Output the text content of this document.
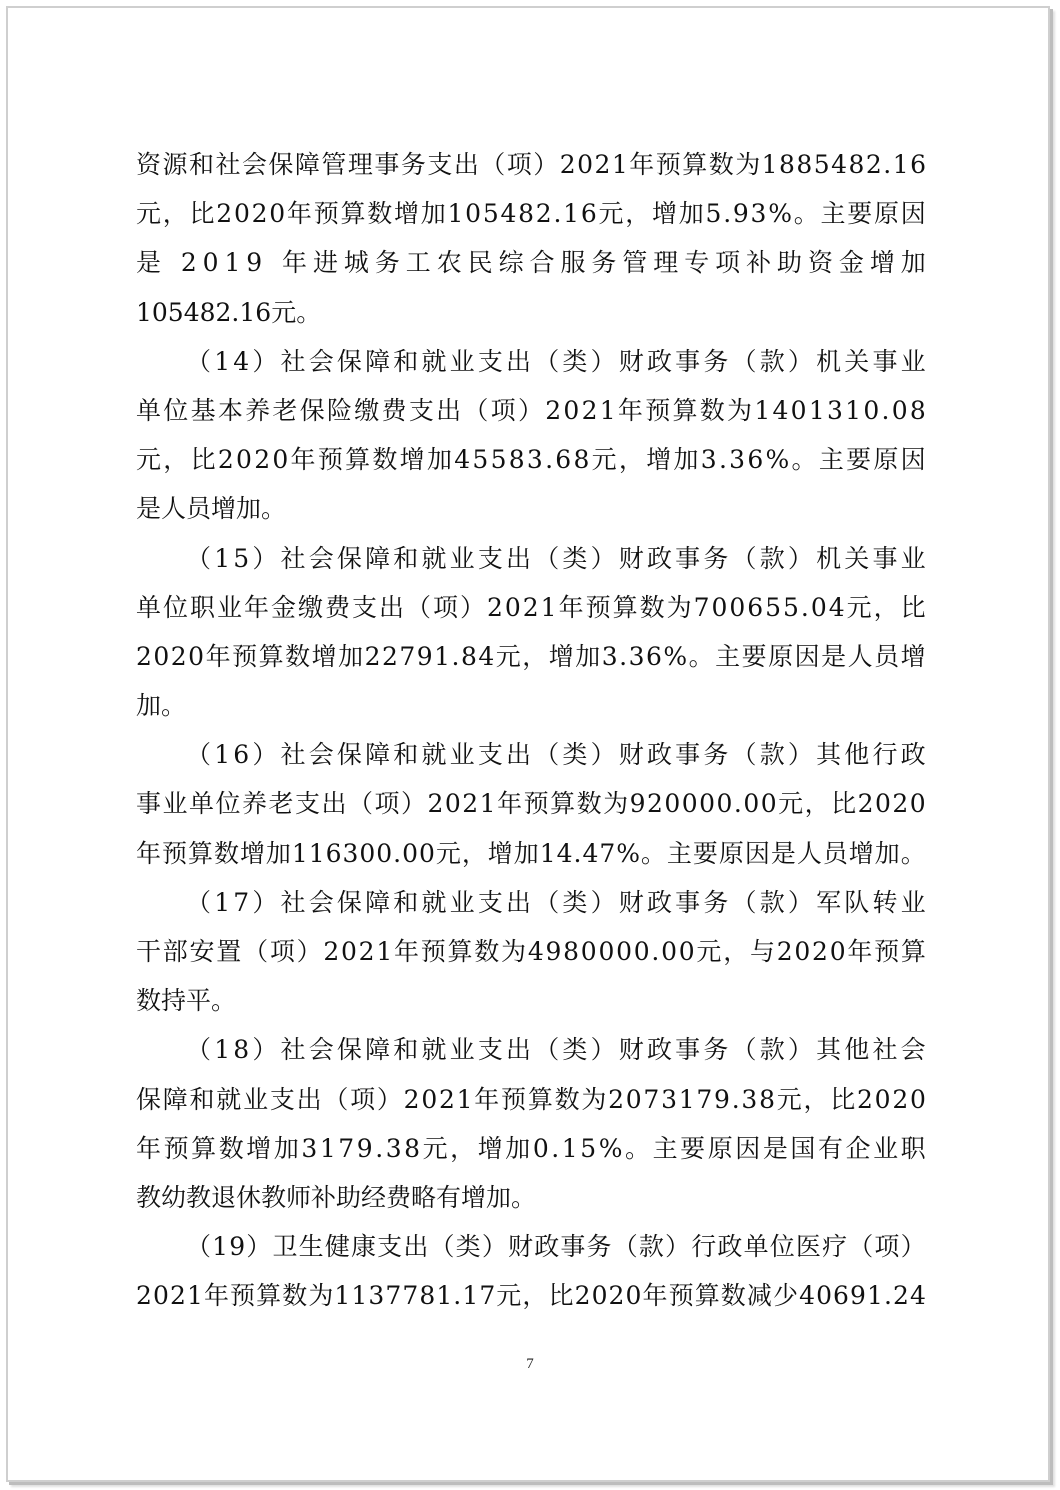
资 源 和 社 会 保 障 管 理 事 务 支 出 （ 项 ） 2 0 2 1 年 预 算 数 为 1 8 8 5 4 8 2 . 1 6
元 ， 比 2 0 2 0 年 预 算 数 增 加 1 0 5 4 8 2 . 1 6 元 ， 增 加 5 . 9 3 % 。 主 要 原 因
是
2 0 1 9
年 进 城 务 工 农 民 综 合 服 务 管 理 专 项 补 助 资 金 增 加
105482.16元。
（ 1 4 ） 社 会 保 障 和 就 业 支 出 （ 类 ） 财 政 事 务 （ 款 ） 机 关 事 业
单 位 基 本 养 老 保 险 缴 费 支 出 （ 项 ） 2 0 2 1 年 预 算 数 为 1 4 0 1 3 1 0 . 0 8
元 ， 比 2 0 2 0 年 预 算 数 增 加 4 5 5 8 3 . 6 8 元 ， 增 加 3 . 3 6 % 。 主 要 原 因
是人员增加。
（ 1 5 ） 社 会 保 障 和 就 业 支 出 （ 类 ） 财 政 事 务 （ 款 ） 机 关 事 业
单 位 职 业 年 金 缴 费 支 出 （ 项 ） 2 0 2 1 年 预 算 数 为 7 0 0 6 5 5 . 0 4 元 ， 比
2 0 2 0 年 预 算 数 增 加 2 2 7 9 1 . 8 4 元 ， 增 加 3 . 3 6 % 。 主 要 原 因 是 人 员 增
加。
（ 1 6 ） 社 会 保 障 和 就 业 支 出 （ 类 ） 财 政 事 务 （ 款 ） 其 他 行 政
事 业 单 位 养 老 支 出 （ 项 ） 2 0 2 1 年 预 算 数 为 9 2 0 0 0 0 . 0 0 元 ， 比 2 0 2 0
年 预 算 数 增 加 1 1 6 3 0 0 . 0 0 元 ， 增 加 1 4 . 4 7 % 。 主 要 原 因 是 人 员 增 加 。
（ 1 7 ） 社 会 保 障 和 就 业 支 出 （ 类 ） 财 政 事 务 （ 款 ） 军 队 转 业
干 部 安 置 （ 项 ） 2 0 2 1 年 预 算 数 为 4 9 8 0 0 0 0 . 0 0 元 ， 与 2 0 2 0 年 预 算
数持平。
（ 1 8 ） 社 会 保 障 和 就 业 支 出 （ 类 ） 财 政 事 务 （ 款 ） 其 他 社 会
保 障 和 就 业 支 出 （ 项 ） 2 0 2 1 年 预 算 数 为 2 0 7 3 1 7 9 . 3 8 元 ， 比 2 0 2 0
年 预 算 数 增 加 3 1 7 9 . 3 8 元 ， 增 加 0 . 1 5 % 。 主 要 原 因 是 国 有 企 业 职
教幼教退休教师补助经费略有增加。
（ 1 9 ） 卫 生 健 康 支 出 （ 类 ） 财 政 事 务 （ 款 ） 行 政 单 位 医 疗 （ 项 ）
2 0 2 1 年 预 算 数 为 1 1 3 7 7 8 1 . 1 7 元 ， 比 2 0 2 0 年 预 算 数 减 少 4 0 6 9 1 . 2 4
7
